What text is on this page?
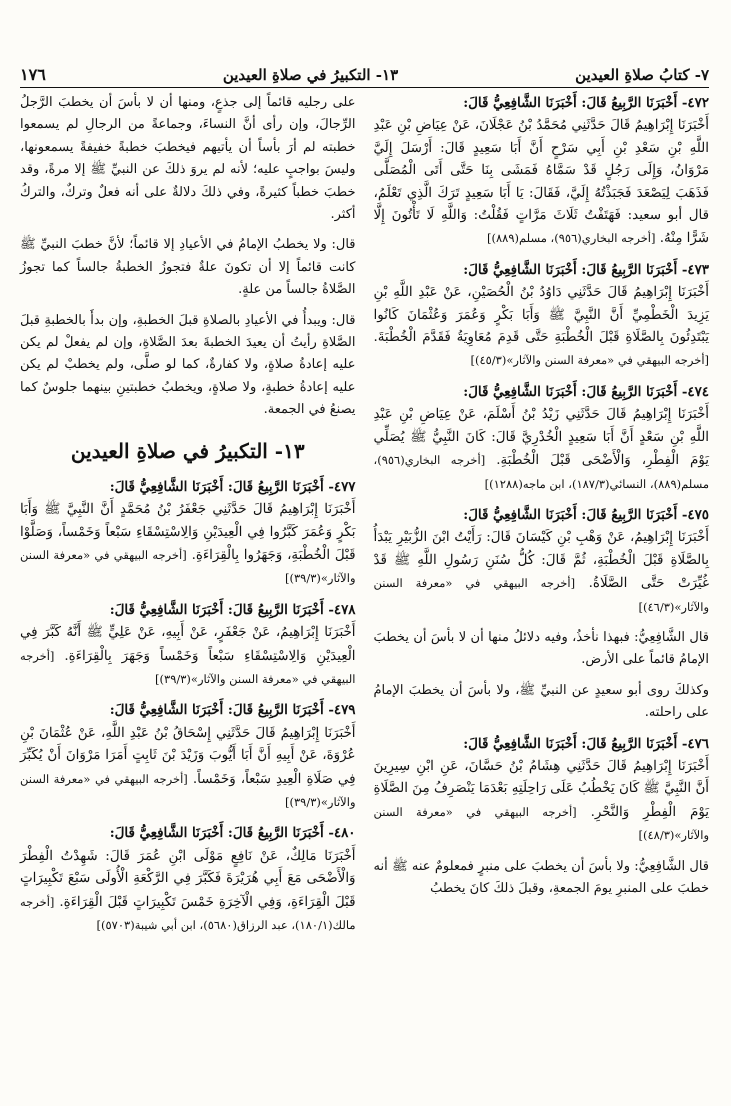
٧- كتابُ صلاةِ العيدين
١٣- التكبيرُ في صلاةِ العيدين
١٧٦

٤٧٢- أَخْبَرَنَا الرَّبِيعُ قَالَ: أَخْبَرَنَا الشَّافِعِيُّ قَالَ:
أَخْبَرَنَا إِبْرَاهِيمُ قَالَ حَدَّثَنِي مُحَمَّدُ بْنُ عَجْلَانَ، عَنْ عِيَاضِ بْنِ عَبْدِ اللَّهِ بْنِ سَعْدِ بْنِ أَبِي سَرْحٍ أَنَّ أَبَا سَعِيدٍ قَالَ: أَرْسَلَ إِلَيَّ مَرْوَانُ، وَإِلَى رَجُلٍ قَدْ سَمَّاهُ فَمَشَى بِنَا حَتَّى أَتَى الْمُصَلَّى فَذَهَبَ لِيَصْعَدَ فَجَبَذْتُهُ إِلَيَّ، فَقَالَ: يَا أَبَا سَعِيدٍ تَرَكَ الَّذِي تَعْلَمُ، قال أبو سعيد: فَهَتَفْتُ ثَلَاثَ مَرَّاتٍ فَقُلْتُ: وَاللَّهِ لَا تَأْتُونَ إِلَّا شَرًّا مِنْهُ. [أخرجه البخاري(٩٥٦)، مسلم(٨٨٩)]

٤٧٣- أَخْبَرَنَا الرَّبِيعُ قَالَ: أَخْبَرَنَا الشَّافِعِيُّ قَالَ:
أَخْبَرَنَا إِبْرَاهِيمُ قَالَ حَدَّثَنِي دَاوُدُ بْنُ الْحُصَيْنِ، عَنْ عَبْدِ اللَّهِ بْنِ يَزِيدَ الْخَطْمِيِّ أَنَّ النَّبِيَّ ﷺ وَأَبَا بَكْرٍ وَعُمَرَ وَعُثْمَانَ كَانُوا يَبْتَدِئُونَ بِالصَّلَاةِ قَبْلَ الْخُطْبَةِ حَتَّى قَدِمَ مُعَاوِيَةُ فَقَدَّمَ الْخُطْبَةَ. [أخرجه البيهقي في «معرفة السنن والآثار»(٤٥/٣)]

٤٧٤- أَخْبَرَنَا الرَّبِيعُ قَالَ: أَخْبَرَنَا الشَّافِعِيُّ قَالَ:
أَخْبَرَنَا إِبْرَاهِيمُ قَالَ حَدَّثَنِي زَيْدُ بْنُ أَسْلَمَ، عَنْ عِيَاضِ بْنِ عَبْدِ اللَّهِ بْنِ سَعْدٍ أَنَّ أَبَا سَعِيدٍ الْخُدْرِيَّ قَالَ: كَانَ النَّبِيُّ ﷺ يُصَلِّي يَوْمَ الْفِطْرِ، وَالْأَضْحَى قَبْلَ الْخُطْبَةِ. [أخرجه البخاري(٩٥٦)، مسلم(٨٨٩)، النسائي(١٨٧/٣)، ابن ماجه(١٢٨٨)]

٤٧٥- أَخْبَرَنَا الرَّبِيعُ قَالَ: أَخْبَرَنَا الشَّافِعِيُّ قَالَ:
أَخْبَرَنَا إِبْرَاهِيمُ، عَنْ وَهْبِ بْنِ كَيْسَانَ قَالَ: رَأَيْتُ ابْنَ الزُّبَيْرِ يَبْدَأُ بِالصَّلَاةِ قَبْلَ الْخُطْبَةِ، ثُمَّ قَالَ: كُلُّ سُنَنِ رَسُولِ اللَّهِ ﷺ قَدْ غُيِّرَتْ حَتَّى الصَّلَاةُ. [أخرجه البيهقي في «معرفة السنن والآثار»(٤٦/٣)]

قال الشَّافِعِيُّ: فبهذا نأخذُ، وفيه دلائلُ منها أن لا بأسَ أن يخطبَ الإمامُ قائماً على الأرض.

وكذلكَ روى أبو سعيدٍ عن النبيِّ ﷺ، ولا بأسَ أن يخطبَ الإمامُ على راحلته.

٤٧٦- أَخْبَرَنَا الرَّبِيعُ قَالَ: أَخْبَرَنَا الشَّافِعِيُّ قَالَ:
أَخْبَرَنَا إِبْرَاهِيمُ قَالَ حَدَّثَنِي هِشَامُ بْنُ حَسَّانَ، عَنِ ابْنِ سِيرِينَ أَنَّ النَّبِيَّ ﷺ كَانَ يَخْطُبُ عَلَى رَاحِلَتِهِ بَعْدَمَا يَنْصَرِفُ مِنَ الصَّلَاةِ يَوْمَ الْفِطْرِ وَالنَّحْرِ. [أخرجه البيهقي في «معرفة السنن والآثار»(٤٨/٣)]

قال الشَّافِعِيُّ: ولا بأسَ أن يخطبَ على منبرٍ فمعلومٌ عنه ﷺ أنه خطبَ على المنبرِ يومَ الجمعةِ، وقبلَ ذلكَ كانَ يخطبُ

على رجليه قائماً إلى جذعٍ، ومنها أن لا بأسَ أن يخطبَ الرَّجلُ الرِّجالَ، وإن رأى أنَّ النساءَ، وجماعةً من الرجالِ لم يسمعوا خطبته لم أرَ بأساً أن يأتيهم فيخطبَ خطبةً خفيفةً يسمعونها، وليسَ بواجبٍ عليه؛ لأنه لم يروَ ذلكَ عن النبيِّ ﷺ إلا مرةً، وقد خطبَ خطباً كثيرةً، وفي ذلكَ دلالةٌ على أنه فعلٌ وتركٌ، والتركُ أكثر.

قال: ولا يخطبُ الإمامُ في الأعيادِ إلا قائماً؛ لأنَّ خطبَ النبيِّ ﷺ كانت قائماً إلا أن تكونَ علةٌ فتجوزُ الخطبةُ جالساً كما تجوزُ الصَّلاةُ جالساً من علةٍ.

قال: ويبدأُ في الأعيادِ بالصلاةِ قبلَ الخطبةِ، وإن بدأَ بالخطبةِ قبلَ الصَّلاةِ رأيتُ أن يعيدَ الخطبةَ بعدَ الصَّلاةِ، وإن لم يفعلْ لم يكن عليه إعادةُ صلاةٍ، ولا كفارةٌ، كما لو صلَّى، ولم يخطبْ لم يكن عليه إعادةُ خطبةٍ، ولا صلاةٍ، ويخطبُ خطبتينِ بينهما جلوسٌ كما يصنعُ في الجمعة.

١٣- التكبيرُ في صلاةِ العيدين

٤٧٧- أَخْبَرَنَا الرَّبِيعُ قَالَ: أَخْبَرَنَا الشَّافِعِيُّ قَالَ:
أَخْبَرَنَا إِبْرَاهِيمُ قَالَ حَدَّثَنِي جَعْفَرُ بْنُ مُحَمَّدٍ أَنَّ النَّبِيَّ ﷺ وَأَبَا بَكْرٍ وَعُمَرَ كَبَّرُوا فِي الْعِيدَيْنِ وَالِاسْتِسْقَاءِ سَبْعاً وَخَمْساً، وَصَلَّوْا قَبْلَ الْخُطْبَةِ، وَجَهَرُوا بِالْقِرَاءَةِ. [أخرجه البيهقي في «معرفة السنن والآثار»(٣٩/٣)]

٤٧٨- أَخْبَرَنَا الرَّبِيعُ قَالَ: أَخْبَرَنَا الشَّافِعِيُّ قَالَ:
أَخْبَرَنَا إِبْرَاهِيمُ، عَنْ جَعْفَرٍ، عَنْ أَبِيهِ، عَنْ عَلِيٍّ ﷺ أَنَّهُ كَبَّرَ فِي الْعِيدَيْنِ وَالِاسْتِسْقَاءِ سَبْعاً وَخَمْساً وَجَهَرَ بِالْقِرَاءَةِ. [أخرجه البيهقي في «معرفة السنن والآثار»(٣٩/٣)]

٤٧٩- أَخْبَرَنَا الرَّبِيعُ قَالَ: أَخْبَرَنَا الشَّافِعِيُّ قَالَ:
أَخْبَرَنَا إِبْرَاهِيمُ قَالَ حَدَّثَنِي إِسْحَاقُ بْنُ عَبْدِ اللَّهِ، عَنْ عُثْمَانَ بْنِ عُرْوَةَ، عَنْ أَبِيهِ أَنَّ أَبَا أَيُّوبَ وَزَيْدَ بْنَ ثَابِتٍ أَمَرَا مَرْوَانَ أَنْ يُكَبِّرَ فِي صَلَاةِ الْعِيدِ سَبْعاً، وَخَمْساً. [أخرجه البيهقي في «معرفة السنن والآثار»(٣٩/٣)]

٤٨٠- أَخْبَرَنَا الرَّبِيعُ قَالَ: أَخْبَرَنَا الشَّافِعِيُّ قَالَ:
أَخْبَرَنَا مَالِكٌ، عَنْ نَافِعٍ مَوْلَى ابْنِ عُمَرَ قَالَ: شَهِدْتُ الْفِطْرَ وَالْأَضْحَى مَعَ أَبِي هُرَيْرَةَ فَكَبَّرَ فِي الرَّكْعَةِ الْأُولَى سَبْعَ تَكْبِيرَاتٍ قَبْلَ الْقِرَاءَةِ، وَفِي الْآخِرَةِ خَمْسَ تَكْبِيرَاتٍ قَبْلَ الْقِرَاءَةِ. [أخرجه مالك(١٨٠/١)، عبد الرزاق(٥٦٨٠)، ابن أبي شيبة(٥٧٠٣)]
